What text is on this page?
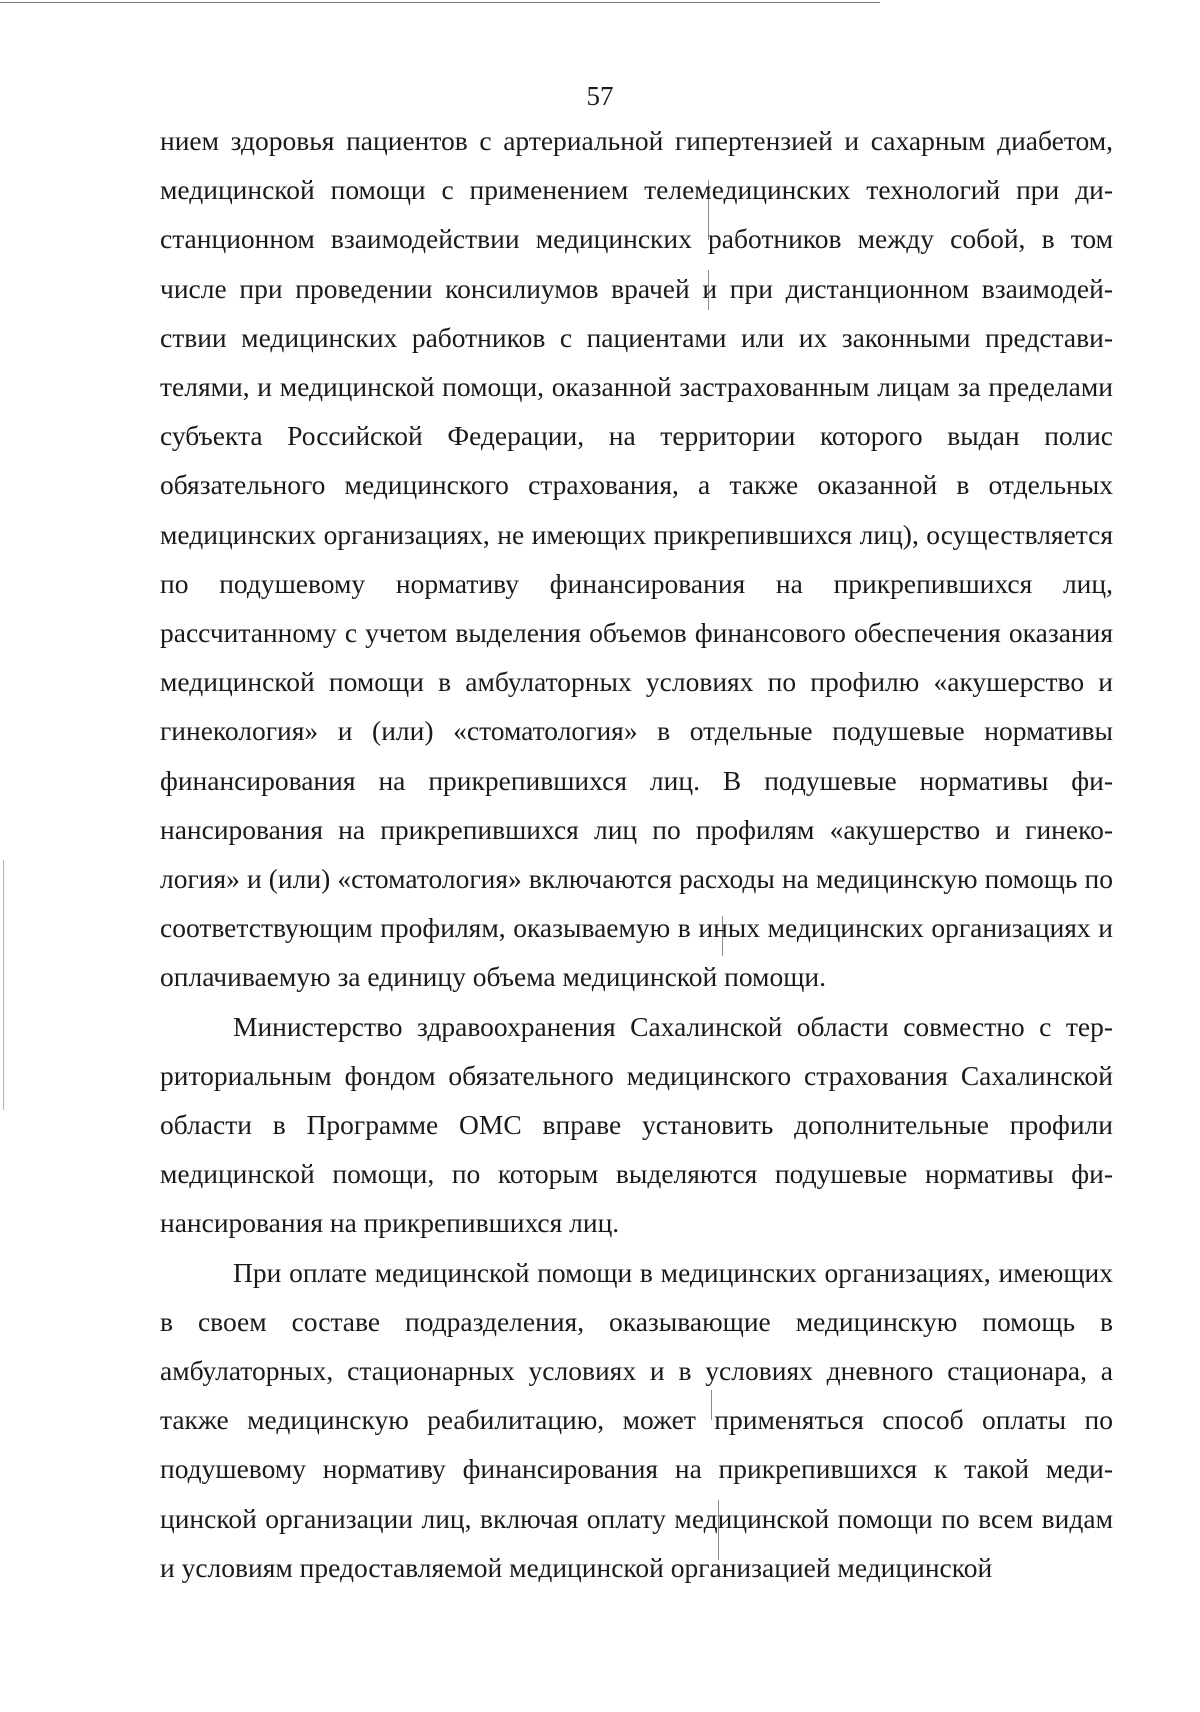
57

нием здоровья пациентов с артериальной гипертензией и сахарным диабетом, медицинской помощи с применением телемедицинских технологий при дистанционном взаимодействии медицинских работников между собой, в том числе при проведении консилиумов врачей и при дистанционном взаимодействии медицинских работников с пациентами или их законными представителями, и медицинской помощи, оказанной застрахованным лицам за пределами субъекта Российской Федерации, на территории которого выдан полис обязательного медицинского страхования, а также оказанной в отдельных медицинских организациях, не имеющих прикрепившихся лиц), осуществляется по подушевому нормативу финансирования на прикрепившихся лиц, рассчитанному с учетом выделения объемов финансового обеспечения оказания медицинской помощи в амбулаторных условиях по профилю «акушерство и гинекология» и (или) «стоматология» в отдельные подушевые нормативы финансирования на прикрепившихся лиц. В подушевые нормативы финансирования на прикрепившихся лиц по профилям «акушерство и гинекология» и (или) «стоматология» включаются расходы на медицинскую помощь по соответствующим профилям, оказываемую в иных медицинских организациях и оплачиваемую за единицу объема медицинской помощи.

Министерство здравоохранения Сахалинской области совместно с территориальным фондом обязательного медицинского страхования Сахалинской области в Программе ОМС вправе установить дополнительные профили медицинской помощи, по которым выделяются подушевые нормативы финансирования на прикрепившихся лиц.

При оплате медицинской помощи в медицинских организациях, имеющих в своем составе подразделения, оказывающие медицинскую помощь в амбулаторных, стационарных условиях и в условиях дневного стационара, а также медицинскую реабилитацию, может применяться способ оплаты по подушевому нормативу финансирования на прикрепившихся к такой медицинской организации лиц, включая оплату медицинской помощи по всем видам и условиям предоставляемой медицинской организацией медицинской
